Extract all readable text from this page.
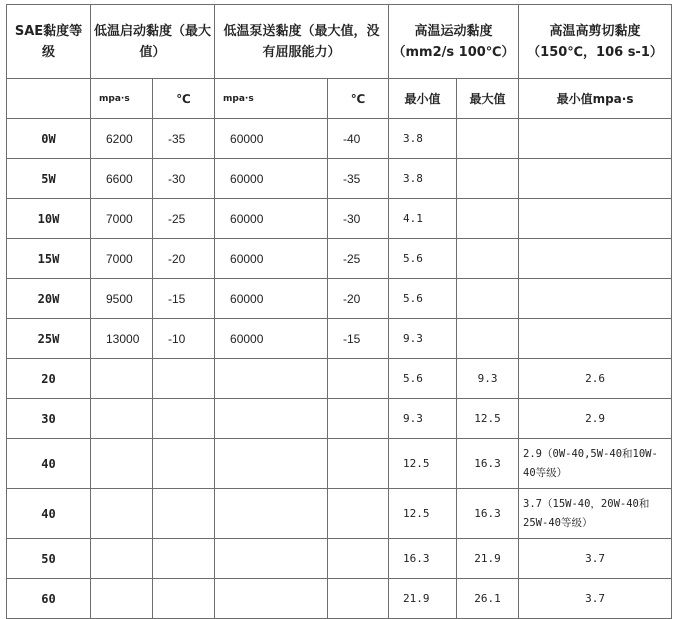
SAE黏度等级	低温启动黏度（最大值）		低温泵送黏度（最大值，没有屈服能力）		高温运动黏度（mm2/s 100℃）		高温高剪切黏度（150℃，106 s-1）
	mpa·s	℃	mpa·s	℃	最小值	最大值	最小值mpa·s
0W	6200	-35	60000	-40	3.8		
5W	6600	-30	60000	-35	3.8		
10W	7000	-25	60000	-30	4.1		
15W	7000	-20	60000	-25	5.6		
20W	9500	-15	60000	-20	5.6		
25W	13000	-10	60000	-15	9.3		
20					5.6	9.3	2.6
30					9.3	12.5	2.9
40					12.5	16.3	2.9（0W-40,5W-40和10W-40等级）
40					12.5	16.3	3.7（15W-40，20W-40和25W-40等级）
50					16.3	21.9	3.7
60					21.9	26.1	3.7
